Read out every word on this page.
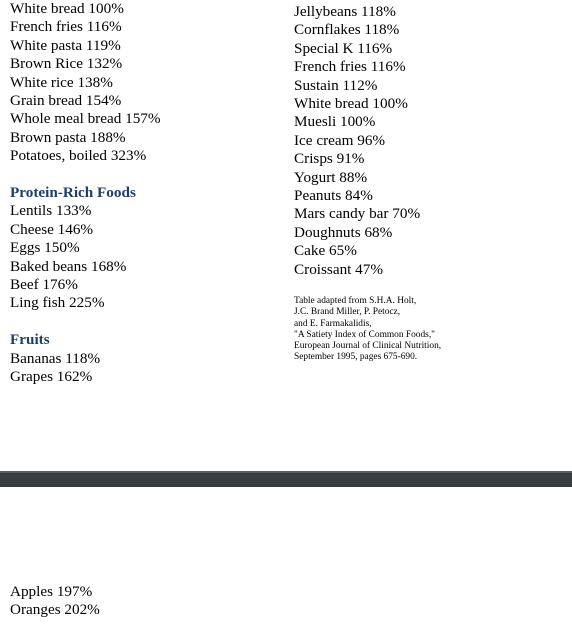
White bread 100%
French fries 116%
White pasta 119%
Brown Rice 132%
White rice 138%
Grain bread 154%
Whole meal bread 157%
Brown pasta 188%
Potatoes, boiled 323%
Protein-Rich Foods
Lentils 133%
Cheese 146%
Eggs 150%
Baked beans 168%
Beef 176%
Ling fish 225%
Fruits
Bananas 118%
Grapes 162%
Jellybeans 118%
Cornflakes 118%
Special K 116%
French fries 116%
Sustain 112%
White bread 100%
Muesli 100%
Ice cream 96%
Crisps 91%
Yogurt 88%
Peanuts 84%
Mars candy bar 70%
Doughnuts 68%
Cake 65%
Croissant 47%
Table adapted from S.H.A. Holt,
J.C. Brand Miller, P. Petocz,
and E. Farmakalidis,
"A Satiety Index of Common Foods,"
European Journal of Clinical Nutrition,
September 1995, pages 675-690.
Apples 197%
Oranges 202%
